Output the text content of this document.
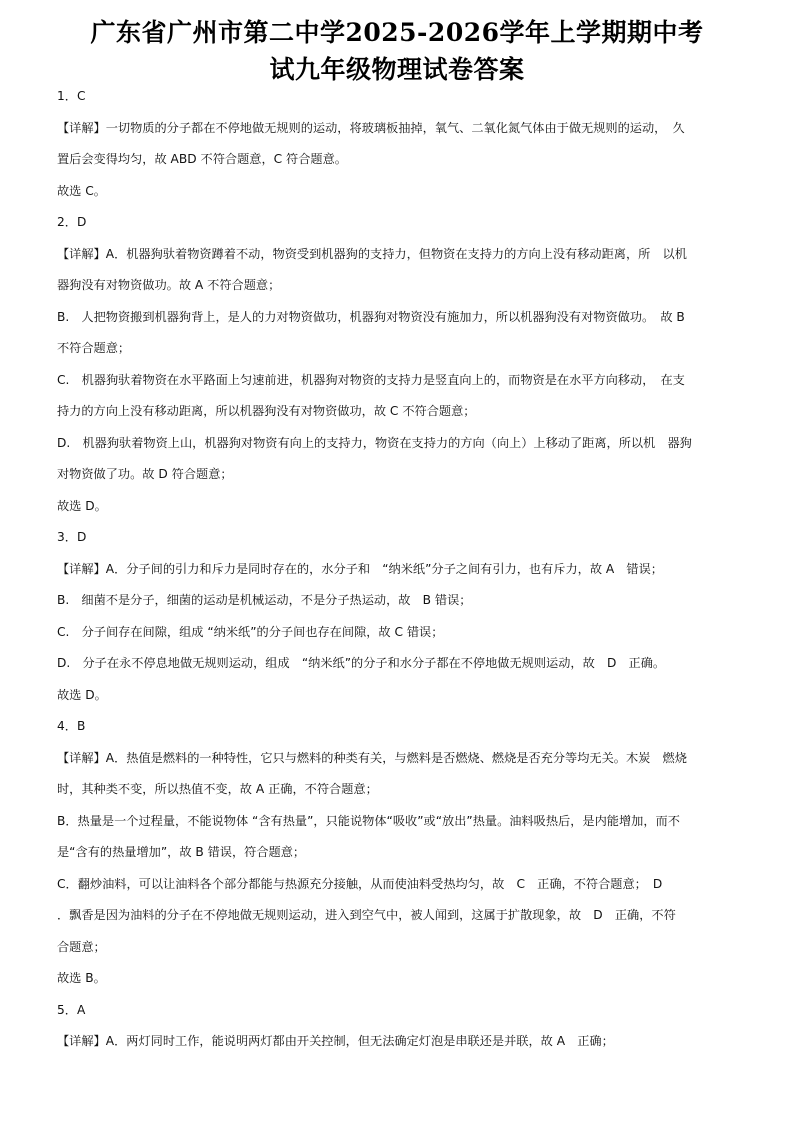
广东省广州市第二中学2025-2026学年上学期期中考
试九年级物理试卷答案
1．C
【详解】一切物质的分子都在不停地做无规则的运动，将玻璃板抽掉，氧气、二氧化氮气体由于做无规则的运动，　久
置后会变得均匀，故 ABD 不符合题意，C 符合题意。
故选 C。
2．D
【详解】A．机器狗驮着物资蹲着不动，物资受到机器狗的支持力，但物资在支持力的方向上没有移动距离，所　以机
器狗没有对物资做功。故 A 不符合题意；
B.　人把物资搬到机器狗背上，是人的力对物资做功，机器狗对物资没有施加力，所以机器狗没有对物资做功。　故 B
不符合题意；
C.　机器狗驮着物资在水平路面上匀速前进，机器狗对物资的支持力是竖直向上的，而物资是在水平方向移动，　在支
持力的方向上没有移动距离，所以机器狗没有对物资做功，故 C 不符合题意；
D.　机器狗驮着物资上山，机器狗对物资有向上的支持力，物资在支持力的方向（向上）上移动了距离，所以机　器狗
对物资做了功。故 D 符合题意；
故选 D。
3．D
【详解】A．分子间的引力和斥力是同时存在的，水分子和　“纳米纸”分子之间有引力，也有斥力，故 A　错误；
B.　细菌不是分子，细菌的运动是机械运动，不是分子热运动，故　B 错误；
C.　分子间存在间隙，组成 “纳米纸”的分子间也存在间隙，故 C 错误；
D.　分子在永不停息地做无规则运动，组成　“纳米纸”的分子和水分子都在不停地做无规则运动，故　D　正确。
故选 D。
4．B
【详解】A．热值是燃料的一种特性，它只与燃料的种类有关，与燃料是否燃烧、燃烧是否充分等均无关。木炭　燃烧
时，其种类不变，所以热值不变，故 A 正确，不符合题意；
B．热量是一个过程量，不能说物体 “含有热量”，只能说物体“吸收”或“放出”热量。油料吸热后，是内能增加，而不
是“含有的热量增加”，故 B 错误，符合题意；
C．翻炒油料，可以让油料各个部分都能与热源充分接触，从而使油料受热均匀，故　C　正确，不符合题意；　D
．飘香是因为油料的分子在不停地做无规则运动，进入到空气中，被人闻到，这属于扩散现象，故　D　正确，不符
合题意；
故选 B。
5．A
【详解】A．两灯同时工作，能说明两灯都由开关控制，但无法确定灯泡是串联还是并联，故 A　正确；
